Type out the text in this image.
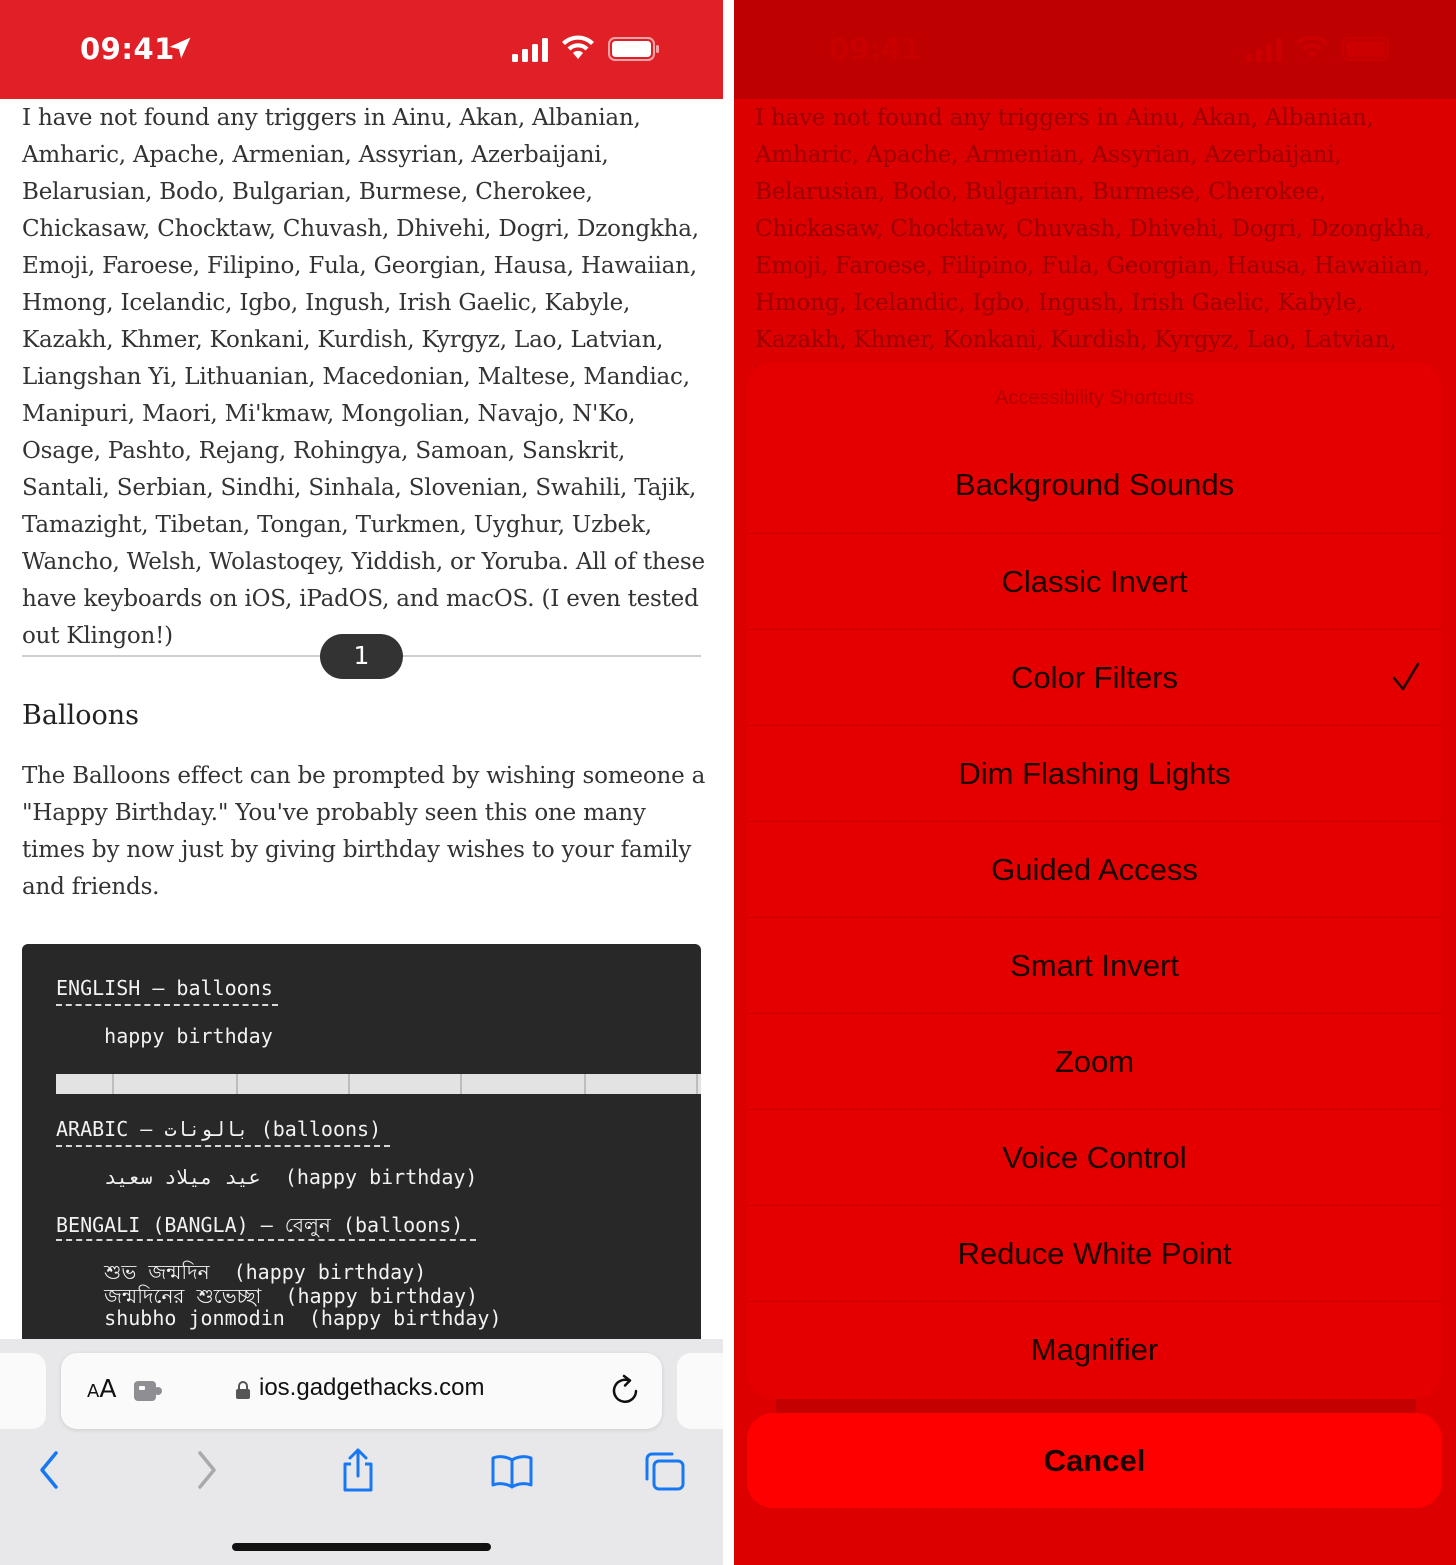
09:41

I have not found any triggers in Ainu, Akan, Albanian, Amharic, Apache, Armenian, Assyrian, Azerbaijani, Belarusian, Bodo, Bulgarian, Burmese, Cherokee, Chickasaw, Chocktaw, Chuvash, Dhivehi, Dogri, Dzongkha, Emoji, Faroese, Filipino, Fula, Georgian, Hausa, Hawaiian, Hmong, Icelandic, Igbo, Ingush, Irish Gaelic, Kabyle, Kazakh, Khmer, Konkani, Kurdish, Kyrgyz, Lao, Latvian, Liangshan Yi, Lithuanian, Macedonian, Maltese, Mandiac, Manipuri, Maori, Mi'kmaw, Mongolian, Navajo, N'Ko, Osage, Pashto, Rejang, Rohingya, Samoan, Sanskrit, Santali, Serbian, Sindhi, Sinhala, Slovenian, Swahili, Tajik, Tamazight, Tibetan, Tongan, Turkmen, Uyghur, Uzbek, Wancho, Welsh, Wolastoqey, Yiddish, or Yoruba. All of these have keyboards on iOS, iPadOS, and macOS. (I even tested out Klingon!)

1
Balloons

The Balloons effect can be prompted by wishing someone a "Happy Birthday." You've probably seen this one many times by now just by giving birthday wishes to your family and friends.

ENGLISH – balloons
happy birthday
ARABIC – بالونات (balloons)
عيد ميلاد سعيد  (happy birthday)
BENGALI (BANGLA) – বেলুন (balloons)
শুভ জন্মদিন  (happy birthday)
জন্মদিনের শুভেচ্ছা  (happy birthday)
shubho jonmodin  (happy birthday)
AA	ios.gadgethacks.com
09:41

I have not found any triggers in Ainu, Akan, Albanian, Amharic, Apache, Armenian, Assyrian, Azerbaijani, Belarusian, Bodo, Bulgarian, Burmese, Cherokee, Chickasaw, Chocktaw, Chuvash, Dhivehi, Dogri, Dzongkha, Emoji, Faroese, Filipino, Fula, Georgian, Hausa, Hawaiian, Hmong, Icelandic, Igbo, Ingush, Irish Gaelic, Kabyle, Kazakh, Khmer, Konkani, Kurdish, Kyrgyz, Lao, Latvian,

Accessibility Shortcuts
Background Sounds
Classic Invert
Color Filters
Dim Flashing Lights
Guided Access
Smart Invert
Zoom
Voice Control
Reduce White Point
Magnifier
Cancel
